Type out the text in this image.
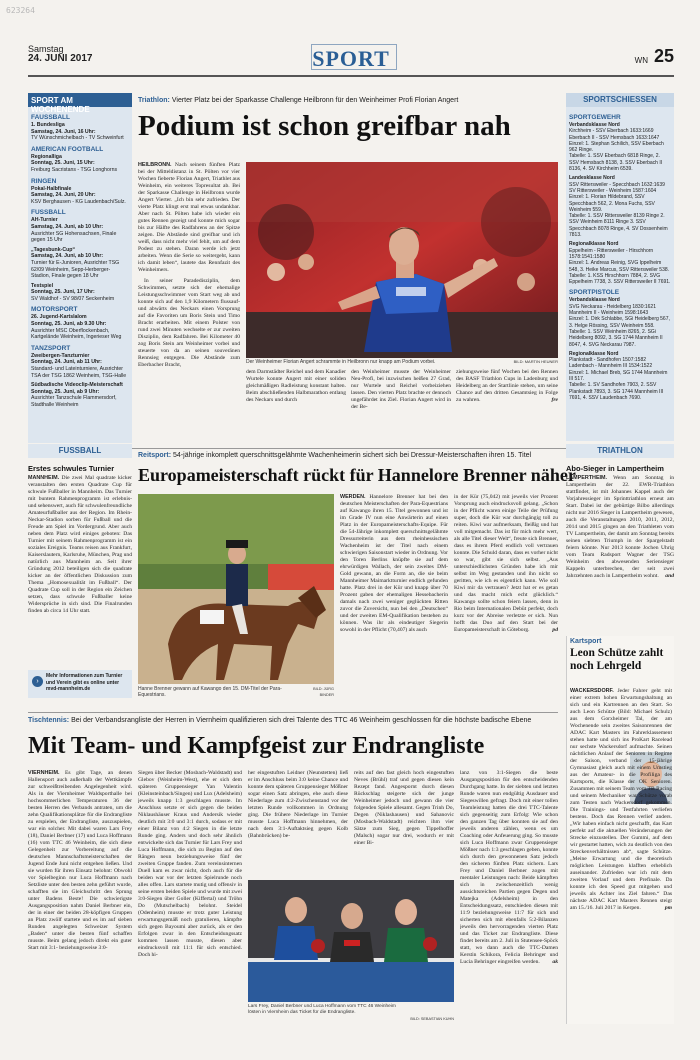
623264
Samstag
24. JUNI 2017	SPORT	WN 25
SPORT AM WOCHENENDE
FAUSSBALL
1. Bundesliga
Samstag, 24. Juni, 16 Uhr:
TV Wünschmichelbach - TV Schweinfurt
AMERICAN FOOTBALL
Regionalliga
Sonntag, 25. Juni, 15 Uhr:
Freiburg Sacristans - TSG Longhorns
RINGEN
Pokal-Halbfinale
Samstag, 24. Juni, 20 Uhr:
KSV Berghausen - KG Laudenbach/Sulz.
FUSSBALL
AH-Turnier
Samstag, 24. Juni, ab 10 Uhr:
Ausrichter SG Hohensachsen, Finale gegen 15 Uhr
„Tagesbunk-Cup“
Samstag, 24. Juni, ab 10 Uhr:
Turnier für E-Junioren, Ausrichter TSG 62/09 Weinheim, Sepp-Herberger-Stadion, Finale gegen 18 Uhr
Testspiel
Sonntag, 25. Juni, 17 Uhr:
SV Waldhof - SV 98/07 Seckenheim
MOTORSPORT
26. Jugend-Kartslalom
Sonntag, 25. Juni, ab 9.30 Uhr:
Ausrichter MSC Oberflockenbach, Kartgelände Weinheim, Ingerieser Weg
TANZSPORT
Zweibergen-Tanzturnier
Sonntag, 24. Juni, ab 11 Uhr:
Standard- und Lateinturniere, Ausrichter TSA der TSG 1862 Weinheim, TSG-Halle
Südbadische Videoclip-Meisterschaft
Sonntag, 25. Juni, ab 9 Uhr:
Ausrichter Tanzschule Flammersdorf, Stadthalle Weinheim
Triathlon: Vierter Platz bei der Sparkasse Challenge Heilbronn für den Weinheimer Profi Florian Angert
Podium ist schon greifbar nah
HEILBRONN. Nach seinem fünften Platz bei der Mitteldistanz in St. Pölten vor vier Wochen fieberte Florian Angert, Triathlet aus Weinheim, ein weiteres Topresultat ab. Bei der Sparkasse Challenge in Heilbronn wurde Angert Vierter. „Ich bin sehr zufrieden. Der vierte Platz klingt erst mal etwas undankbar. Aber nach St. Pölten habe ich wieder ein gutes Rennen gezeigt und konnte mich sogar bis zur Hälfte des Radfahrens an der Spitze zeigen. Die Abstände sind greifbar und ich weiß, dass nicht mehr viel fehlt, um auf dem Podest zu stehen. Daran werde ich jetzt arbeiten. Wenn die Serie so weitergeht, kann ich damit leben“, lautete das Rennfazit des Weinheimers.
In seiner Paradedisziplin, dem Schwimmen, setzte sich der ehemalige Leistungsschwimmer vom Start weg ab und konnte sich auf den 1,9 Kilometern flussauf- und abwärts des Neckars einen Vorsprung auf die Favoriten um Boris Stein und Timo Bracht erarbeiten. Mit einem Polster von rund zwei Minuten wechselte er zur zweiten Disziplin, dem Radfahren. Bei Kilometer 40 zog Boris Stein am Weinheimer vorbei und steuerte von da an seinen souveränen Rennsieg entgegen. Die Abstände zum Eberbacher Bracht,	Der Weinheimer Florian Angert schrammte in Heilbronn nur knapp am Podium vorbei.	BILD: MARTIN HEUNER
dem Darmstädter Reichel und dem Kanadier Wurtele konnte Angert mit einer soliden gleichmäßigen Radleistung konstant halten. Beim abschließenden Halbmarathon entlang des Neckars und durch
den Weinheimer musste der Weinheimer Neu-Profi, bei inzwischen heißen 27 Grad, nur Wurtele und Reichel vorbeiziehen lassen. Den vierten Platz brachte er dennoch ungefährdet ins Ziel. Florian Angert wird in der Be-
ziehungsweise fünf Wochen bei den Rennen des BASF Triathlon Cups in Ladenburg und Heidelberg an der Startlinie stehen, um seine Chance auf den dritten Gesamtsieg in Folge zu wahren.	fre
SPORTSCHIESSEN
SPORTGEWEHR
Verbandsklasse Nord
Kirchheim - SSV Eberbach 1633:1669
Eberbach II - SSV Hemsbach 1633:1647
Einzel: 1. Stephan Schilich, SSV Eberbach 962 Ringe.
Tabelle: 1. SSV Eberbach 6818 Ringe, 2. SSV Hemsbach 8138, 3. SSV Eberbach II 8136, 4. SV Kirchheim 6539.
Landesklasse Nord
SSV Rittersweiler - Specchbach 1632:1639
SV Rittersweiler - Weinheim 1587:1604
Einzel: 1. Florian Hildebrand, SSV Specchbach 562, 2. Mona Fuchs, SSV Weinheim 559.
Tabelle: 1. SSV Rittersweiler 8139 Ringe 2. SSV Weinheim 8111 Ringe 3. SSV Specchbach 8078 Ringe, 4. SV Dossenheim 7813.
Regionalklasse Nord
Eppelheim - Rittersweiler - Hirschhorn 1578:1541:1580
Einzel: 1. Andreas Reinig, SVG Ippelheim 548, 3. Heike Marcus, SSV Rittersweiler 538.
Tabelle: 1. KSS Hirschhorn 7884, 2. SVG Eppelheim 7738, 3. SSV Rittersweiler II 7691.
SPORTPISTOLE
Verbandsklasse Nord
SVG Neckarau - Heidelberg 1830:1621
Mannheim II - Weinheim 1598:1643
Einzel: 1. Dirk Schlabbe, SGi Heidelberg 567, 3. Helge Rössing, SSV Weinheim 558.
Tabelle: 1. SSV Weinheim 8265, 2. SGi Heidelberg 8092, 3. SG 1744 Mannheim II 8047, 4. SVG Neckarau 7987.
Regionalklasse Nord
Plankstadt - Sandhofen 1507:1582
Ladenbach - Mannheim III 1534:1522
Einzel: 1. Michael Breb, SG 1744 Mannheim III 517.
Tabelle: 1. SV Sandhofen 7903, 2. SSV Plankstadt 7893, 3. SG 1744 Mannheim III 7691, 4. SSV Laudenbach 7690.
FUSSBALL
Erstes schwules Turnier
MANNHEIM. Die zwei Mal quadrate kicker veranstalten den ersten Quadrate Cup für schwule Fußballer in Mannheim. Das Turnier mit buntem Rahmenprogramm ist erlebnis- und sehenswert, auch für schwulenfreundliche Amateurfußballer aus der Region. Im Rhein-Neckar-Stadion sorben für Fußball und die Freude am Spiel im Vordergrund. Aber auch neben dem Platz wird einiges geboten: Das Turnier mit seinem Rahmenprogramm ist ein soziales Ereignis. Teams reisen aus Frankfurt, Kaiserslautern, Karlsruhe, München, Prag und natürlich aus Mannheim an. Seit ihrer Gründung 2012 beteiligen sich die quadrate kicker an der öffentlichen Diskussion zum Thema „Homosexualität im Fußball“. Der Quadrate Cup soll in der Region ein Zeichen setzen, dass schwule Fußballer keine Widersprüche in sich sind. Die Finalrunden finden ab circa 14 Uhr statt.
›
Mehr Informationen zum Turnier und Verein gibt es online unter mvd-mannheim.de
Reitsport: 54-jährige inkomplett querschnittsgelähmte Wachenheimerin sichert sich bei Dressur-Meisterschaften ihren 15. Titel
Europameisterschaft rückt für Hannelore Brenner näher
Hanne Brenner gewann auf Kawango den 15. DM-Titel der Para-Equestrians.
BILD: JÜRG BINDER
WERDEN. Hannelore Brenner hat bei den deutschen Meisterschaften der Para-Equestrians auf Kawango ihren 15. Titel gewonnen und ist im Grade IV nun eine Anwärterin auf einen Platz in der Europameisterschafts-Equipe. Für die 54-Jährige inkomplett querschnittsgelähmte Dressurreiterin aus dem rheinhessischen Wachenheim ist der Titel nach einem schwierigen Saisonstart wieder in Ordnung. Vor den Toren Berlins knüpfte sie auf dem ehrwürdigen Wallach, der sein zweites DM-Gold gewann, an die Form an, die sie beim Mannheimer Maimarktturnier endlich gefunden hatte. Platz drei in der Kür und knapp über 70 Prozent gaben der ehemaligen Hessebacherin damals nach zwei weniger geglückten Ritten zuvor die Zuversicht, nun bei den „Deutschen“ und der zweiten EM-Qualifikation bestehen zu können. Was ihr als eindeutiger Siegerin sowohl in der Pflicht (70,407) als auch
in der Kür (75,042) mit jeweils vier Prozent Vorsprung auch eindrucksvoll gelang. „Schon in der Pflicht waren einige Teile der Prüfung super, doch die Kür war durchgängig toll zu reiten. Kiwi war aufmerksam, fleißig und hat voll mitgemacht. Das ist für mich mehr wert, als alle Titel dieser Welt“, freute sich Brenner, dass es ihrem Pferd endlich voll vertrauen konnte. Die Schuld daran, dass es vorher nicht so war, gibt sie sich selbst. „Aus unterschiedlichsten Gründen habe ich mir selbst im Weg gestanden und ihn nicht so geritten, wie ich es eigentlich kann. Wie soll Kiwi mir da vertrauen? Jetzt hat er es getan und das macht mich echt glücklich.“ Kawango sollte schon feiern lassen, denn in Rio beim Internationalen Debüt perfekt, doch kurz vor der Abreise verletzte er sich. Nun hofft das Duo auf den Start bei der Europameisterschaft in Göteborg.	pd
TRIATHLON
Abo-Sieger in Lampertheim
LAMPERTHEIM. Wenn am Sonntag in Lampertheim der 22. EWR-Triathlon stattfindet, ist mit Johannes Kappel auch der Vorjahressieger im Sprinttriathlon erneut am Start. Dabei ist der gebürtige Bilbo allerdings nicht nur 2016 Sieger in Lampertheim gewesen, auch die Veranstaltungen 2010, 2011, 2012, 2014 und 2015 gingen an den Triathleten vom TV Lampertheim, der damit am Sonntag bereits seinen siebten Triumph in der Spargelstadt feiern könnte. Nur 2013 konnte Jochen Uhrig vom Team Radsport Wagner der TSG Weinheim den abwesenden Seriensieger Kappeln unterbrechen, der seit zwei Jahrzehnten auch in Lampertheim wohnt. and
Kartsport
Leon Schütze zahlt noch Lehrgeld
WACKERSDORF. Jeder Fahrer geht mit einer extrem hohen Erwartungshaltung an sich und ein Kartrennen an den Start. So auch Leon Schütze (Bild: Michael Schulz) aus dem Gorxheimer Tal, der am Wochenende sein zweites Saisonrennen der ADAC Kart Masters im Fahrerklassement stehen hatte und sich ins ProKart Racelead nur sechste Wackersdorf aufmachte. Seinen nächtlichen Anlauf der Senioren in Regime der Saison, verband der 15-jährige Gymnasiast gleich auch mit einem Umstieg aus der Amateur- in die Profiliga des Kartsports, die Klasse der OK Senioren. Zusammen mit seinem Team vom TB Racing und seinem Mechaniker war Schütze vorab zum Testen nach Wackersdorf gekommen. Die Trainings- und Testfahrten verliefen bestens. Doch das Rennen verlief anders. „Wir haben einfach nicht geschafft, das Kart perfekt auf die aktuellen Veränderungen der Strecke einzustellen. Der Gummi, auf dem wir gestartet hatten, wich zu deutlich von den Streckenverhältnissen ab“, sagte Schütze. „Meine Erwartung und die theoretisch möglichen Leistungen klafften erheblich auseinander. Zufrieden war ich mit dem zweiten Vorlauf und dem Prefinale. Da konnte ich den Speed gut mitgehen und jeweils als Achter ins Ziel fahren.“ Das nächste ADAC Kart Masters Rennen steigt am 15./16. Juli 2017 in Kerpen.	pm
Tischtennis: Bei der Verbandsrangliste der Herren in Viernheim qualifizieren sich drei Talente des TTC 46 Weinheim geschlossen für die höchste badische Ebene
Mit Team- und Kampfgeist zur Endrangliste
VIERNHEIM. Es gibt Tage, an denen Hallensport auch außerhalb der Wettkämpfe zur schweißtreibenden Angelegenheit wird. Als in der Viernheimer Waldsporthalle bei hochsommerlichen Temperaturen 36 der besten Herren des Verbands antraten, um die zehn Qualifikationsplätze für die Endrangliste zu erspielen, der Endrangliste, auszuspielen, war ein solcher. Mit dabei waren Lars Frey (18), Daniel Berbner (17) und Luca Hoffmann (16) vom TTC 46 Weinheim, die sich diese Gelegenheit zur Vorbereitung auf die deutschen Mannschaftsmeisterschaften der Jugend Ende Juni nicht entgehen ließen. Und sie wurden für ihren Einsatz belohnt: Obwohl vor Spielbeginn nur Luca Hoffmann nach Setzliste unter den besten zehn geführt wurde, schafften sie im Gleichschritt den Sprung unter Badens Beste! Die schwierigste Ausgangsposition nahm Daniel Berbner ein, der in einer der beiden 28-köpfigen Gruppen an Platz zwölf startete und es im auf sieben Runden angelegten Schweizer System „Baden“ unter die besten fünf schaffen musste. Beim gelang jedoch direkt ein guter Start mit 3:1- beziehungsweise 3:0-
Siegen über Becker (Mosbach-Waldstadt) und Glebov (Weinheim-West), ehe er sich dem späteren Gruppensieger Yan Valentin (Kleinsteinbach/Singen) und Lux (Adelsheim) jeweils knapp 1:3 geschlagen musste. Im Anschluss setzte er sich gegen die beiden Niklaushäuser Kraus und Andersik wieder deutlich mit 3:0 und 3:1 durch, sodass er mit einer Bilanz von 4:2 Siegen in die letzte Runde ging. Anders und doch sehr ähnlich entwickelte sich das Turnier für Lars Frey und Luca Hoffmann, die sich zu Beginn auf den Rängen neun beziehungsweise fünf der zweiten Gruppe fanden. Zum vereinsinternen Duell kam es zwar nicht, doch auch für die beiden war vor der letzten Spielrunde noch alles offen. Lars startete mutig und offensiv in seine ersten beiden Spiele und wurde mit zwei 3:0-Siegen über Goller (Kiffertal) und Tröhn Do (Mutschelbach) belohnt. Steidel (Odenheim) musste er trotz guter Leistung erwartungsgemäß noch gratulieren, kämpfte sich gegen Bayoumi aber zurück, als er den Erfolgen zwar in den Entscheidungssatz kommen lassen musste, diesen aber eindrucksvoll mit 11:1 für sich entschied. Doch hi-
her eingestuften Leidner (Neunstetten) ließ er im Anschluss beim 3:0 keine Chance und konnte dem späteren Gruppensieger Mößner sogar einen Satz abringen, ehe auch diese Niederlage zum 4:2-Zwischenstand vor der letzten Runde vollkommen in Ordnung ging. Die frühere Niederlage im Turnier musste Luca Hoffmann hinnehmen, der nach dem 3:1-Auftaktsieg gegen Kolb (Bahnbrücken) be-
reits auf den fast gleich hoch eingestuften Neves (Brühl) traf und gegen diesen kein Rezept fand. Angespornt durch diesen Rückschlag steigerte sich der junge Weinheimer jedoch und gewann die vier folgenden Spiele allesamt. Gegen Trinh Do, Degen (Niklashausen) und Sahanovic (Mosbach-Waldstadt) reichten ihm vier Sätze zum Sieg, gegen Tippelhoffer (Malsch) sogar nur drei, wodurch er mit einer Bi-
lanz von 3:1-Siegen die beste Ausgangsposition für den entscheidenden Durchgang hatte. In der siebten und letzten Runde waren nun endgültig Ausdauer und Siegeswillen gefragt. Doch mit einer tollen Teamleistung hatten die drei TTC-Talente sich gegenseitig zum Erfolg: Wie schon den ganzen Tag über konnten sie auf den jeweils anderen zählen, wenn es um Coaching oder Anfeuerung ging. So musste sich Luca Hoffmann zwar Gruppensieger Mößner nach 1:3 geschlagen geben, konnte sich durch den gewonnenen Satz jedoch den sicheren fünften Platz sichern. Lars Frey und Daniel Berbner zogen mit mentaler Leistungen nach: Beide kämpften sich in zwischenzeitlich wenig aussichtsreichen Partien gegen Degen und Matejka (Adelsheim) in den Entscheidungssatz, entschieden diesen mit 11:9 beziehungsweise 11:7 für sich und sicherten sich mit ebenfalls 5:2-Bilanzen jeweils den hervorragenden vierten Platz und das Ticket zur Endrangliste. Diese findet bereits am 2. Juli in Stutensee-Spöck statt, wo dann auch die TTC-Damen Kerstin Schikora, Felicia Behringer und Lucia Behringer eingreifen werden. ak
Lars Frey, Daniel Berbner und Luca Hoffmann vom TTC 46 Weinheim lösten in Viernheim das Ticket für die Endrangliste.
BILD: SEBASTIAN KUHN
